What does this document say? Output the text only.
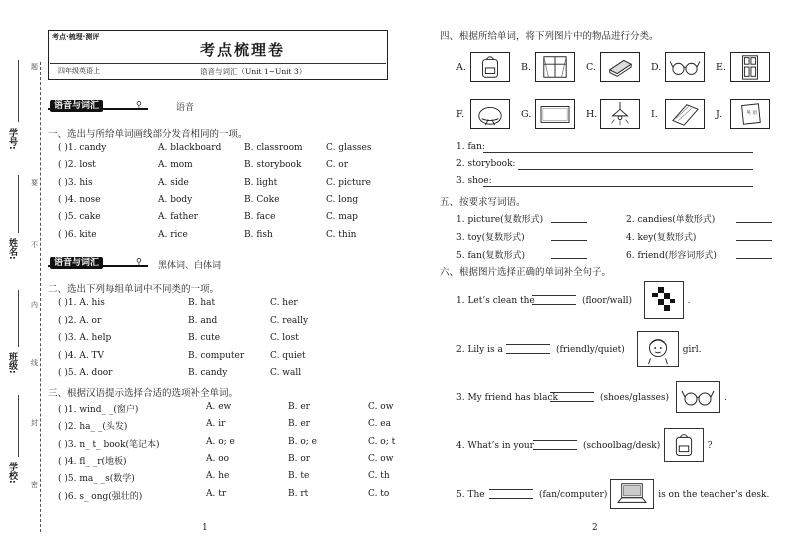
学号:
姓名:
班级:
学校:
题
要
不
内
线
封
密
考点·梳理·测评
考点梳理卷
四年级英语上	语音与词汇（Unit 1~Unit 3）
语音与词汇	⚲	语音
一、选出与所给单词画线部分发音相同的一项。
( )1. candy	A. blackboard	B. classroom	C. glasses
( )2. lost	A. mom	B. storybook	C. or
( )3. his	A. side	B. light	C. picture
( )4. nose	A. body	B. Coke	C. long
( )5. cake	A. father	B. face	C. map
( )6. kite	A. rice	B. fish	C. thin
语音与词汇	⚲ 黑体词、白体词
二、选出下列每组单词中不同类的一项。
( )1. A. his	B. hat	C. her
( )2. A. or	B. and	C. really
( )3. A. help	B. cute	C. lost
( )4. A. TV	B. computer	C. quiet
( )5. A. door	B. candy	C. wall
三、根据汉语提示选择合适的选项补全单词。
( )1. wind_ _(窗户)	A. ew	B. er	C. ow
( )2. ha_ _(头发)	A. ir	B. er	C. ea
( )3. n_ t_ book(笔记本)	A. o; e	B. o; e	C. o; t
( )4. fl_ _r(地板)	A. oo	B. or	C. ow
( )5. ma_ _s(数学)	A. he	B. te	C. th
( )6. s_ ong(强壮的)	A. tr	B. rt	C. to
1
四、根据所给单词，将下列图片中的物品进行分类。
A.	B.	C.	D.	E.
F.	G.	H.	I.	J.	英 语
1. fan:
2. storybook:
3. shoe:
五、按要求写词语。
1. picture(复数形式)	2. candies(单数形式)
3. toy(复数形式)	4. key(复数形式)
5. fan(复数形式)	6. friend(形容词形式)
六、根据图片选择正确的单词补全句子。
1. Let’s clean the	(floor/wall)	.
2. Lily is a	(friendly/quiet)	girl.
3. My friend has black	(shoes/glasses)	.
4. What’s in your	(schoolbag/desk)	?
5. The	(fan/computer)	is on the teacher’s desk.
2
